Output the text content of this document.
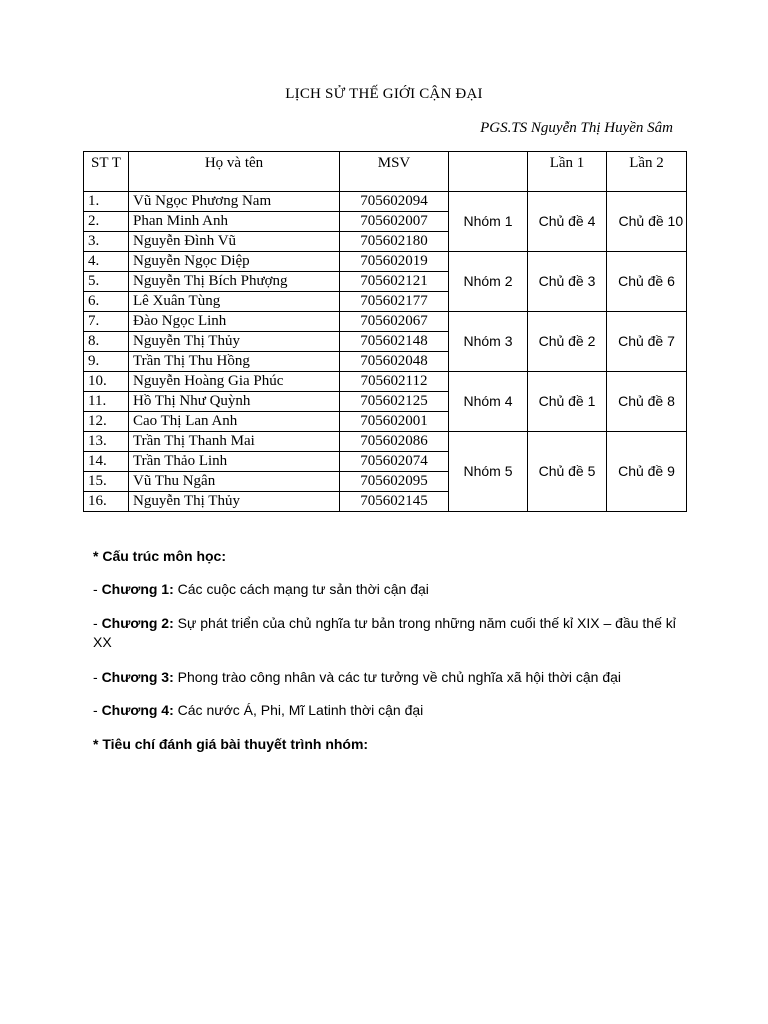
LỊCH SỬ THẾ GIỚI CẬN ĐẠI
PGS.TS Nguyễn Thị Huyền Sâm
ST T	Họ và tên	MSV		Lần 1	Lần 2
1.	Vũ Ngọc Phương Nam	705602094	Nhóm 1	Chủ đề 4	Chủ đề 10
2.	Phan Minh Anh	705602007			
3.	Nguyễn Đình Vũ	705602180			
4.	Nguyễn Ngọc Diệp	705602019	Nhóm 2	Chủ đề 3	Chủ đề 6
5.	Nguyễn Thị Bích Phượng	705602121			
6.	Lê Xuân Tùng	705602177			
7.	Đào Ngọc Linh	705602067	Nhóm 3	Chủ đề 2	Chủ đề 7
8.	Nguyễn Thị Thủy	705602148			
9.	Trần Thị Thu Hồng	705602048			
10.	Nguyễn Hoàng Gia Phúc	705602112	Nhóm 4	Chủ đề 1	Chủ đề 8
11.	Hồ Thị Như Quỳnh	705602125			
12.	Cao Thị Lan Anh	705602001			
13.	Trần Thị Thanh Mai	705602086	Nhóm 5	Chủ đề 5	Chủ đề 9
14.	Trần Thảo Linh	705602074			
15.	Vũ Thu Ngân	705602095			
16.	Nguyễn Thị Thủy	705602145			
* Cấu trúc môn học:
- Chương 1: Các cuộc cách mạng tư sản thời cận đại
- Chương 2: Sự phát triển của chủ nghĩa tư bản trong những năm cuối thế kỉ XIX – đầu thế kỉ XX
- Chương 3: Phong trào công nhân và các tư tưởng về chủ nghĩa xã hội thời cận đại
- Chương 4: Các nước Á, Phi, Mĩ Latinh thời cận đại
* Tiêu chí đánh giá bài thuyết trình nhóm:
